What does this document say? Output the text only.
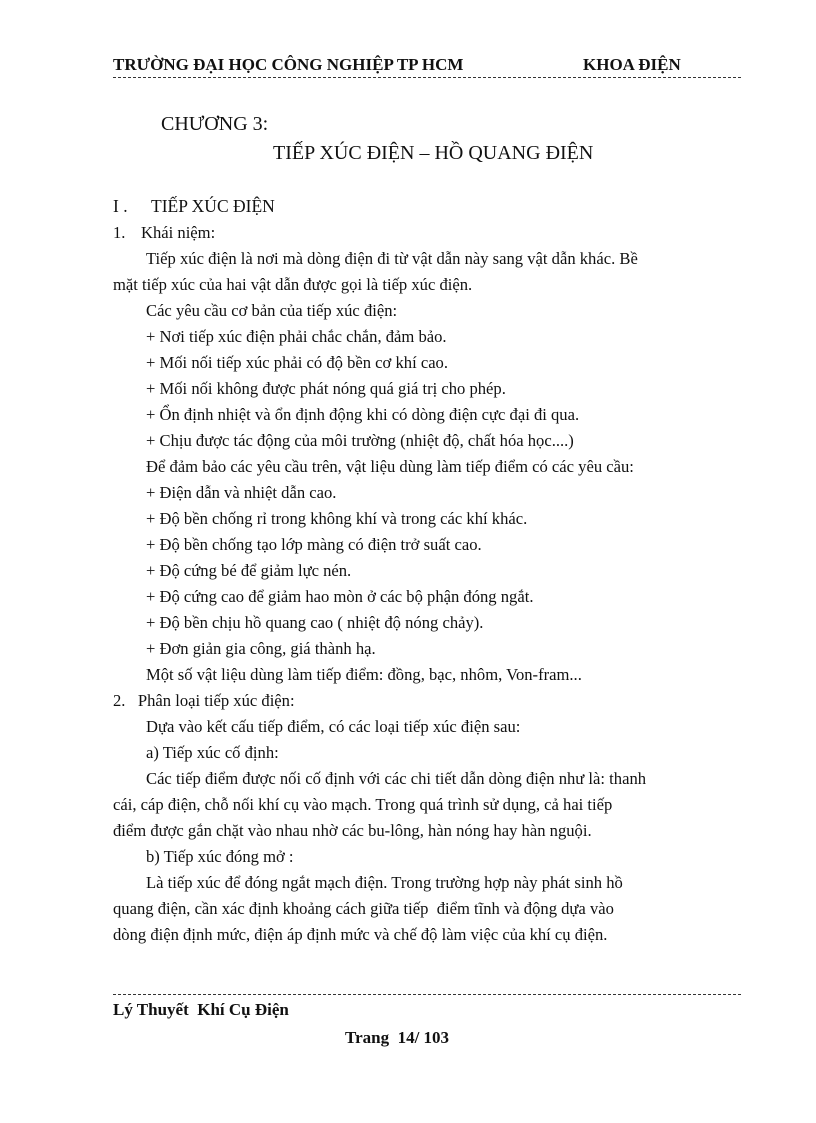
TRƯỜNG ĐẠI HỌC CÔNG NGHIỆP TP HCM	KHOA ĐIỆN
CHƯƠNG 3:
TIẾP XÚC ĐIỆN – HỒ QUANG ĐIỆN
I . TIẾP XÚC ĐIỆN
1. Khái niệm:
Tiếp xúc điện là nơi mà dòng điện đi từ vật dẫn này sang vật dẫn khác. Bề
mặt tiếp xúc của hai vật dẫn được gọi là tiếp xúc điện.
Các yêu cầu cơ bản của tiếp xúc điện:
+ Nơi tiếp xúc điện phải chắc chắn, đảm bảo.
+ Mối nối tiếp xúc phải có độ bền cơ khí cao.
+ Mối nối không được phát nóng quá giá trị cho phép.
+ Ổn định nhiệt và ổn định động khi có dòng điện cực đại đi qua.
+ Chịu được tác động của môi trường (nhiệt độ, chất hóa học....)
Để đảm bảo các yêu cầu trên, vật liệu dùng làm tiếp điểm có các yêu cầu:
+ Điện dẫn và nhiệt dẫn cao.
+ Độ bền chống rỉ trong không khí và trong các khí khác.
+ Độ bền chống tạo lớp màng có điện trở suất cao.
+ Độ cứng bé để giảm lực nén.
+ Độ cứng cao để giảm hao mòn ở các bộ phận đóng ngắt.
+ Độ bền chịu hồ quang cao ( nhiệt độ nóng chảy).
+ Đơn giản gia công, giá thành hạ.
Một số vật liệu dùng làm tiếp điểm: đồng, bạc, nhôm, Von-fram...
2.   Phân loại tiếp xúc điện:
Dựa vào kết cấu tiếp điểm, có các loại tiếp xúc điện sau:
a) Tiếp xúc cố định:
Các tiếp điểm được nối cố định với các chi tiết dẫn dòng điện như là: thanh
cái, cáp điện, chỗ nối khí cụ vào mạch. Trong quá trình sử dụng, cả hai tiếp
điểm được gắn chặt vào nhau nhờ các bu-lông, hàn nóng hay hàn nguội.
b) Tiếp xúc đóng mở :
Là tiếp xúc để đóng ngắt mạch điện. Trong trường hợp này phát sinh hồ
quang điện, cần xác định khoảng cách giữa tiếp  điểm tĩnh và động dựa vào
dòng điện định mức, điện áp định mức và chế độ làm việc của khí cụ điện.
Lý Thuyết  Khí Cụ Điện
Trang  14/ 103
